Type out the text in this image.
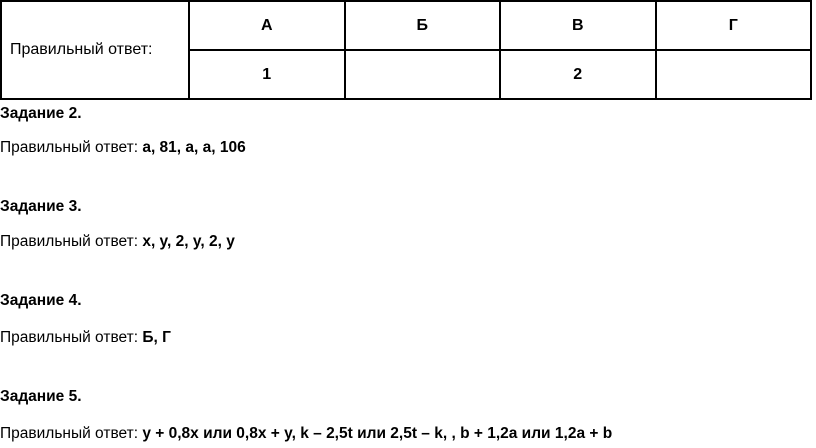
Правильный ответ:	А	Б	В	Г
	1		2	
Задание 2.
Правильный ответ: а, 81, а, а, 106
Задание 3.
Правильный ответ: x, y, 2, y, 2, y
Задание 4.
Правильный ответ: Б, Г
Задание 5.
Правильный ответ: y + 0,8x или 0,8x + y, k – 2,5t или 2,5t – k, , b + 1,2a или 1,2a + b
